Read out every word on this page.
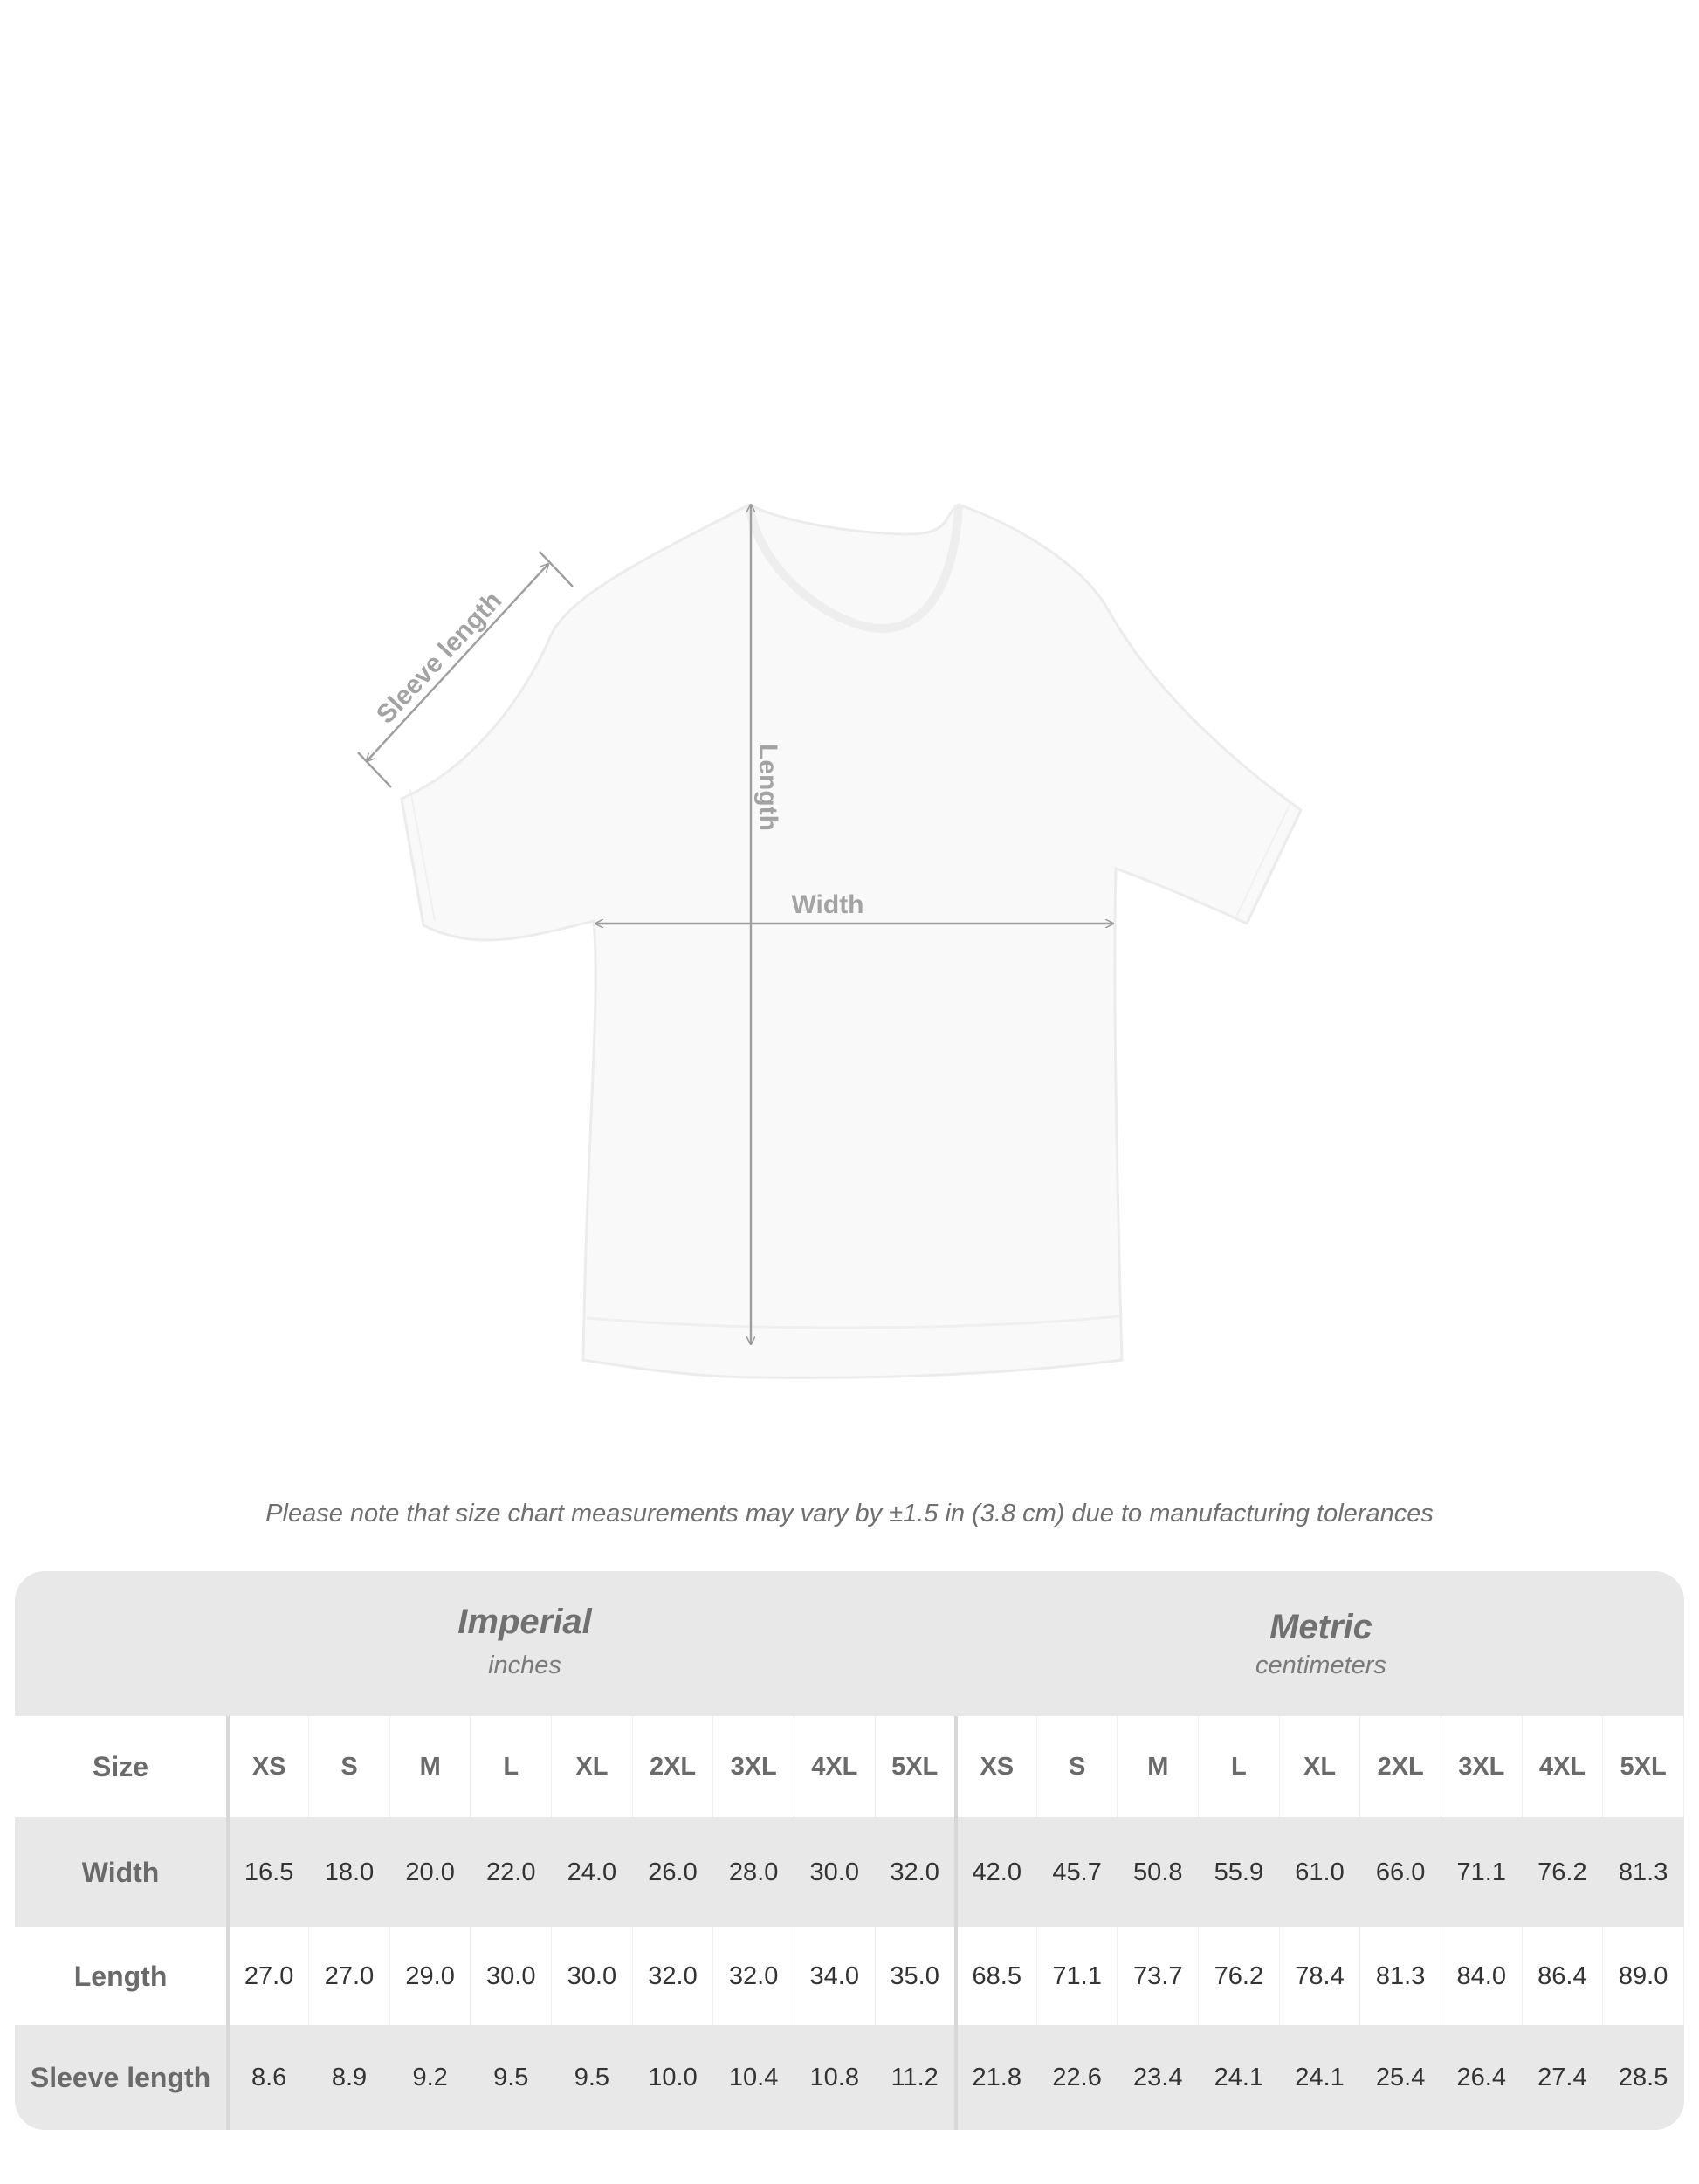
Sleeve length
Length
Width
Please note that size chart measurements may vary by ±1.5 in (3.8 cm) due to manufacturing tolerances
Imperial
inches
Metric
centimeters
Size	XS	S	M	L	XL	2XL	3XL	4XL	5XL	XS	S	M	L	XL	2XL	3XL	4XL	5XL
Width	16.5	18.0	20.0	22.0	24.0	26.0	28.0	30.0	32.0	42.0	45.7	50.8	55.9	61.0	66.0	71.1	76.2	81.3
Length	27.0	27.0	29.0	30.0	30.0	32.0	32.0	34.0	35.0	68.5	71.1	73.7	76.2	78.4	81.3	84.0	86.4	89.0
Sleeve length	8.6	8.9	9.2	9.5	9.5	10.0	10.4	10.8	11.2	21.8	22.6	23.4	24.1	24.1	25.4	26.4	27.4	28.5
